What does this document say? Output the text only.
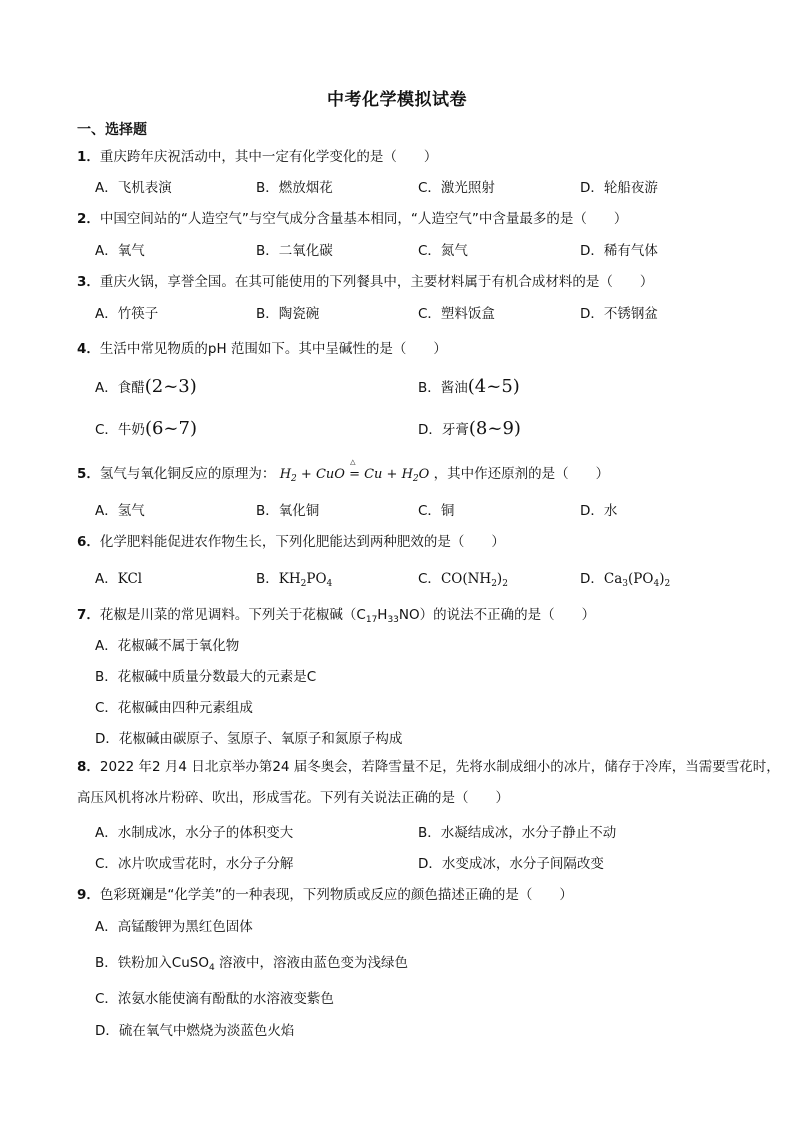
中考化学模拟试卷
一、选择题
1．重庆跨年庆祝活动中，其中一定有化学变化的是（　　）
A．飞机表演	B．燃放烟花	C．激光照射	D．轮船夜游
2．中国空间站的“人造空气”与空气成分含量基本相同，“人造空气”中含量最多的是（　　）
A．氧气	B．二氧化碳	C．氮气	D．稀有气体
3．重庆火锅，享誉全国。在其可能使用的下列餐具中，主要材料属于有机合成材料的是（　　）
A．竹筷子	B．陶瓷碗	C．塑料饭盒	D．不锈钢盆
4．生活中常见物质的pH 范围如下。其中呈碱性的是（　　）
A．食醋(2~3)	B．酱油(4~5)
C．牛奶(6~7)	D．牙膏(8~9)
5．氢气与氧化铜反应的原理为： $H_2$ + CuO
△
= $Cu + H_2O$ ，其中作还原剂的是（　　）
A．氢气	B．氧化铜	C．铜	D．水
6．化学肥料能促进农作物生长，下列化肥能达到两种肥效的是（　　）
A．KCl	B．$KH_2PO_4$	C．$CO(NH_2)_2$	D．$Ca_3(PO_4)_2$
7．花椒是川菜的常见调料。下列关于花椒碱$(C_{17}H_{33}NO)$的说法不正确的是（　　）
A．花椒碱不属于氧化物
B．花椒碱中质量分数最大的元素是C
C．花椒碱由四种元素组成
D．花椒碱由碳原子、氢原子、氧原子和氮原子构成
8．2022 年2 月4 日北京举办第24 届冬奥会，若降雪量不足，先将水制成细小的冰片，储存于冷库，当需要雪花时，高压风机将冰片粉碎、吹出，形成雪花。下列有关说法正确的是（　　）
A．水制成冰，水分子的体积变大	B．水凝结成冰，水分子静止不动
C．冰片吹成雪花时，水分子分解	D．水变成冰，水分子间隔改变
9．色彩斑斓是“化学美”的一种表现，下列物质或反应的颜色描述正确的是（　　）
A．高锰酸钾为黑红色固体
B．铁粉加入CuSO$_4$ 溶液中，溶液由蓝色变为浅绿色
C．浓氨水能使滴有酚酞的水溶液变紫色
D．硫在氧气中燃烧为淡蓝色火焰
